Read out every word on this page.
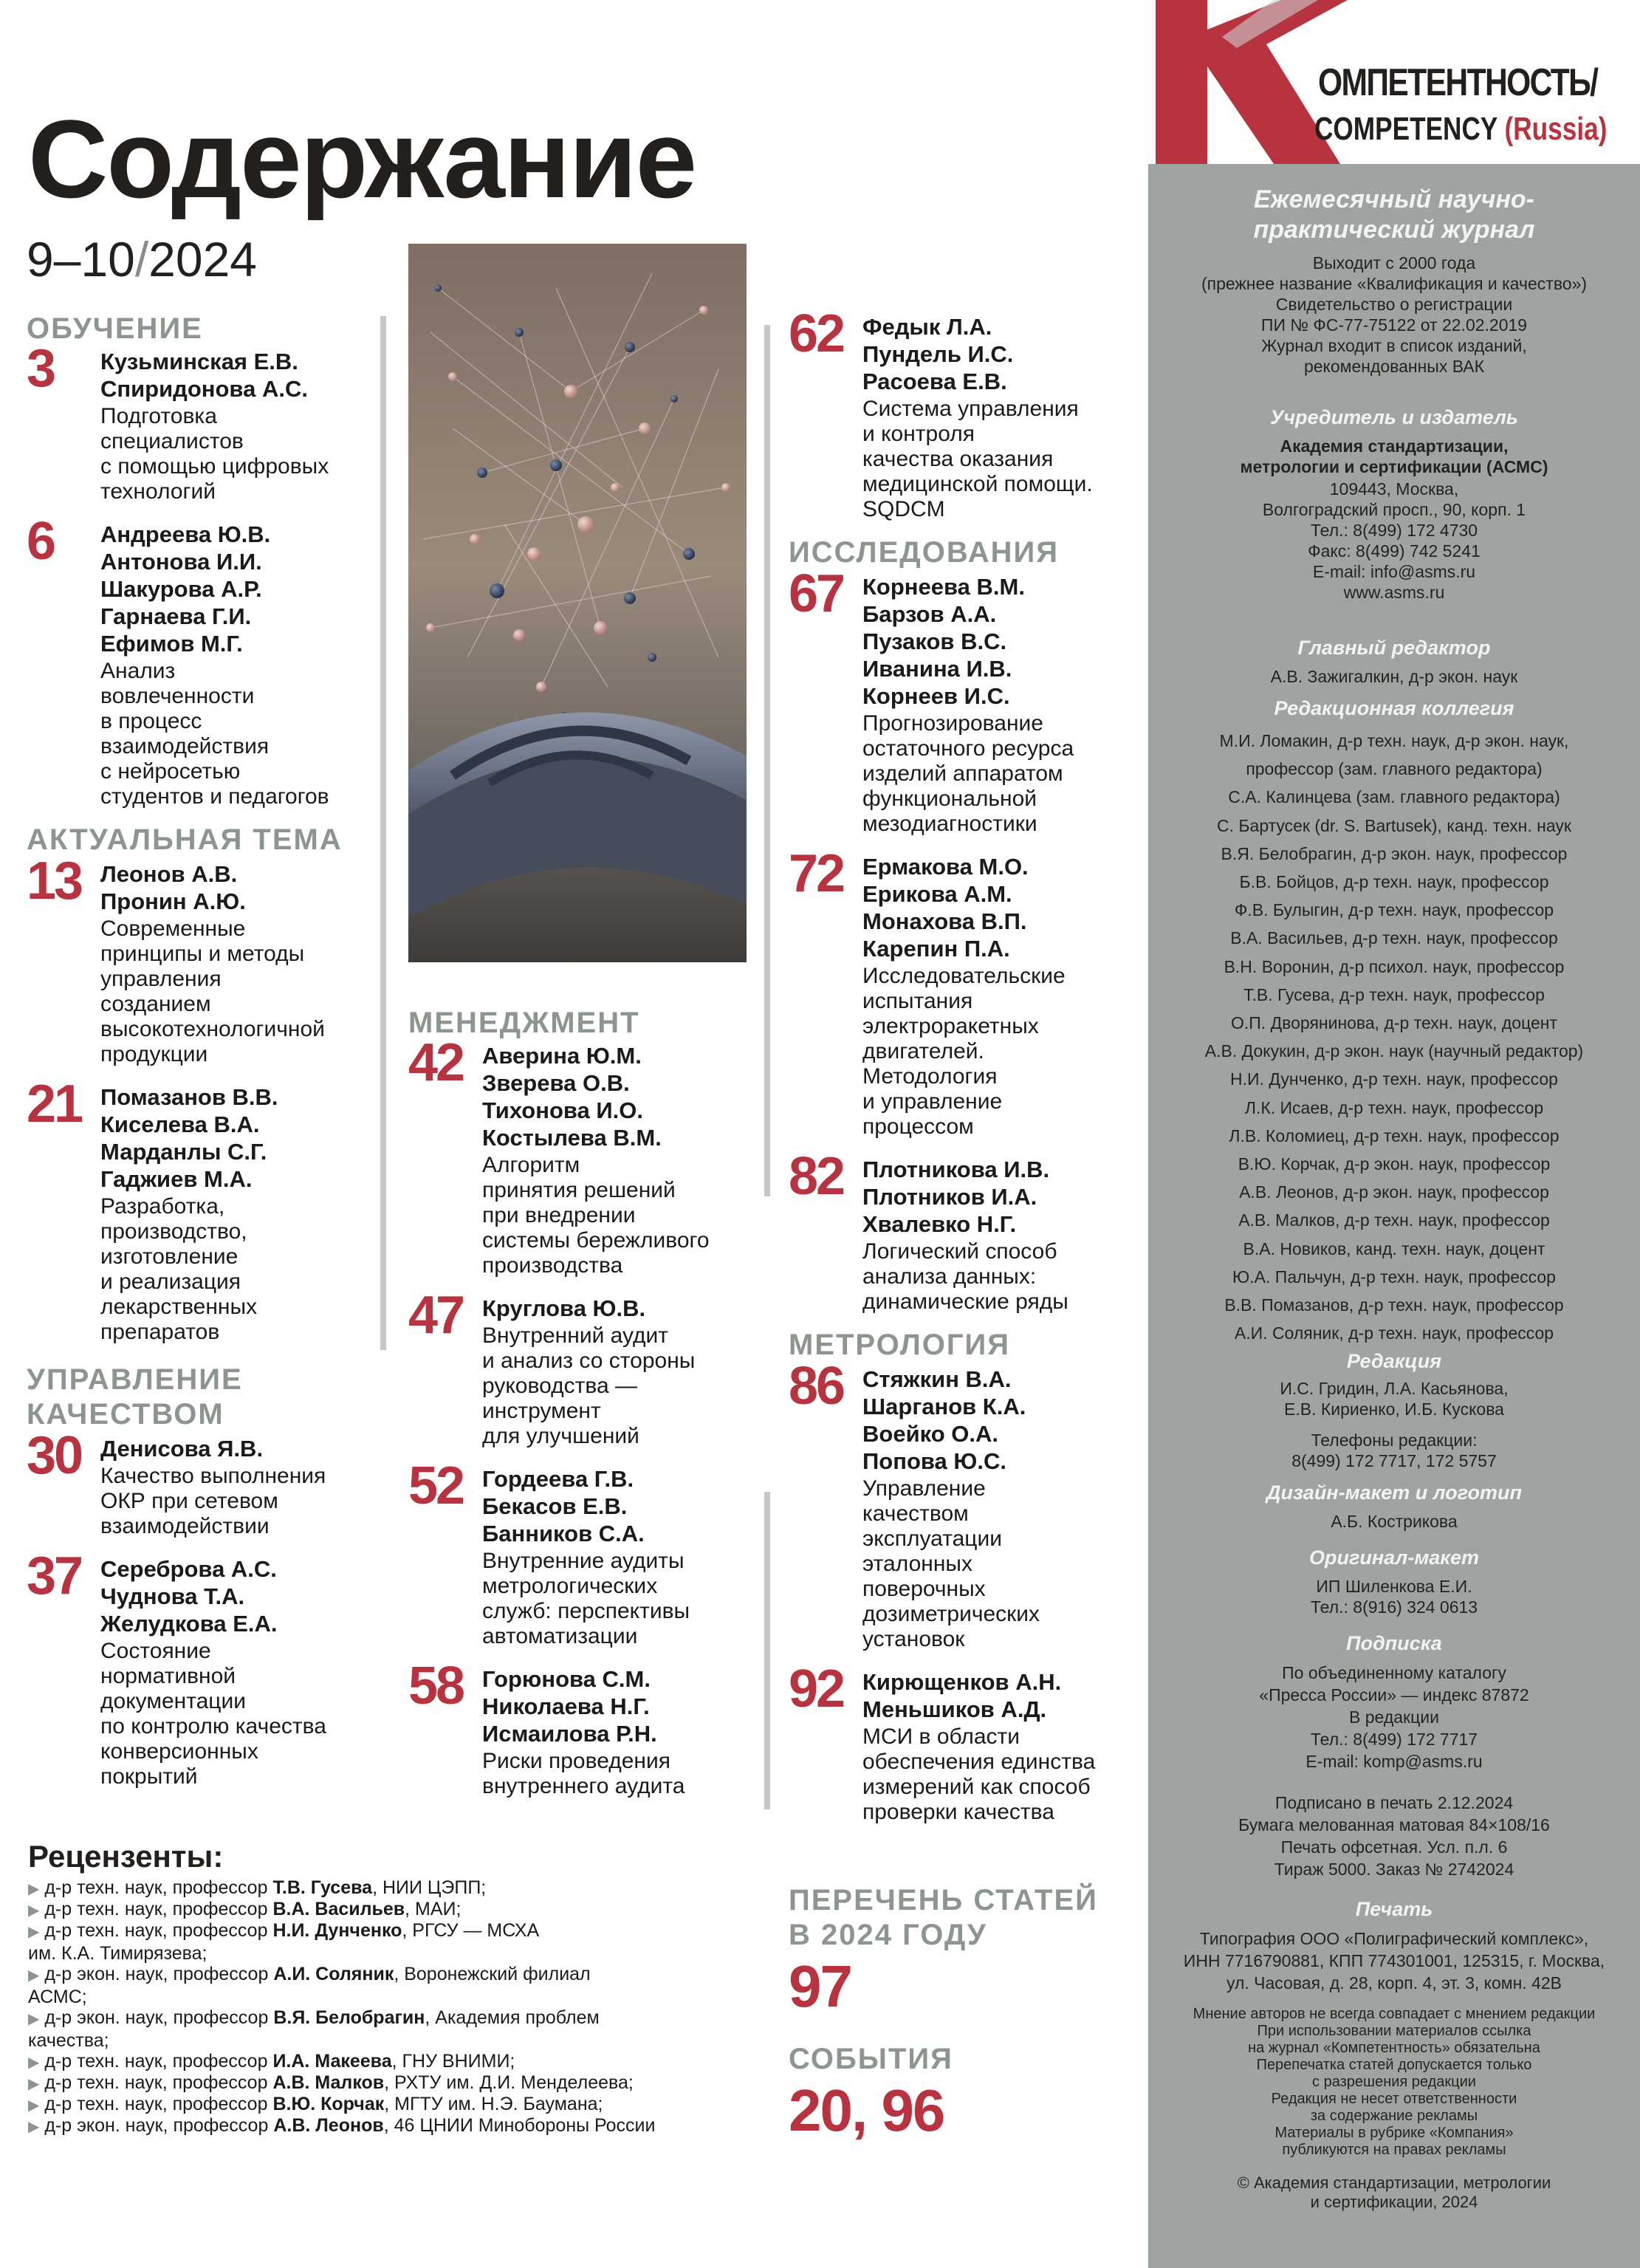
Содержание
9–10/2024
ОБУЧЕНИЕ
3 Кузьминская Е.В.
Спиридонова А.С.
Подготовка
специалистов
с помощью цифровых
технологий
6 Андреева Ю.В.
Антонова И.И.
Шакурова А.Р.
Гарнаева Г.И.
Ефимов М.Г.
Анализ
вовлеченности
в процесс
взаимодействия
с нейросетью
студентов и педагогов
АКТУАЛЬНАЯ ТЕМА
13 Леонов А.В.
Пронин А.Ю.
Современные
принципы и методы
управления
созданием
высокотехнологичной
продукции
21 Помазанов В.В.
Киселева В.А.
Марданлы С.Г.
Гаджиев М.А.
Разработка,
производство,
изготовление
и реализация
лекарственных
препаратов
УПРАВЛЕНИЕ
КАЧЕСТВОМ
30 Денисова Я.В.
Качество выполнения
ОКР при сетевом
взаимодействии
37 Сереброва А.С.
Чуднова Т.А.
Желудкова Е.А.
Состояние
нормативной
документации
по контролю качества
конверсионных
покрытий
МЕНЕДЖМЕНТ
42 Аверина Ю.М.
Зверева О.В.
Тихонова И.О.
Костылева В.М.
Алгоритм
принятия решений
при внедрении
системы бережливого
производства
47 Круглова Ю.В.
Внутренний аудит
и анализ со стороны
руководства —
инструмент
для улучшений
52 Гордеева Г.В.
Бекасов Е.В.
Банников С.А.
Внутренние аудиты
метрологических
служб: перспективы
автоматизации
58 Горюнова С.М.
Николаева Н.Г.
Исмаилова Р.Н.
Риски проведения
внутреннего аудита
62 Федык Л.А.
Пундель И.С.
Расоева Е.В.
Система управления
и контроля
качества оказания
медицинской помощи.
SQDCM
ИССЛЕДОВАНИЯ
67 Корнеева В.М.
Барзов А.А.
Пузаков В.С.
Иванина И.В.
Корнеев И.С.
Прогнозирование
остаточного ресурса
изделий аппаратом
функциональной
мезодиагностики
72 Ермакова М.О.
Ерикова А.М.
Монахова В.П.
Карепин П.А.
Исследовательские
испытания
электроракетных
двигателей.
Методология
и управление
процессом
82 Плотникова И.В.
Плотников И.А.
Хвалевко Н.Г.
Логический способ
анализа данных:
динамические ряды
МЕТРОЛОГИЯ
86 Стяжкин В.А.
Шарганов К.А.
Воейко О.А.
Попова Ю.С.
Управление
качеством
эксплуатации
эталонных
поверочных
дозиметрических
установок
92 Кирющенков А.Н.
Меньшиков А.Д.
МСИ в области
обеспечения единства
измерений как способ
проверки качества
ПЕРЕЧЕНЬ СТАТЕЙ
В 2024 ГОДУ
97
СОБЫТИЯ
20, 96
Рецензенты:
▶ д-р техн. наук, профессор Т.В. Гусева, НИИ ЦЭПП;
▶ д-р техн. наук, профессор В.А. Васильев, МАИ;
▶ д-р техн. наук, профессор Н.И. Дунченко, РГСУ — МСХА
им. К.А. Тимирязева;
▶ д-р экон. наук, профессор А.И. Соляник, Воронежский филиал
АСМС;
▶ д-р экон. наук, профессор В.Я. Белобрагин, Академия проблем
качества;
▶ д-р техн. наук, профессор И.А. Макеева, ГНУ ВНИМИ;
▶ д-р техн. наук, профессор А.В. Малков, РХТУ им. Д.И. Менделеева;
▶ д-р техн. наук, профессор В.Ю. Корчак, МГТУ им. Н.Э. Баумана;
▶ д-р экон. наук, профессор А.В. Леонов, 46 ЦНИИ Минобороны России
ОМПЕТЕНТНОСТЬ/
COMPETENCY (Russia)
Ежемесячный научно-
практический журнал
Выходит с 2000 года
(прежнее название «Квалификация и качество»)
Свидетельство о регистрации
ПИ № ФС-77-75122 от 22.02.2019
Журнал входит в список изданий,
рекомендованных ВАК
Учредитель и издатель
Академия стандартизации,
метрологии и сертификации (АСМС)
109443, Москва,
Волгоградский просп., 90, корп. 1
Тел.: 8(499) 172 4730
Факс: 8(499) 742 5241
E-mail: info@asms.ru
www.asms.ru
Главный редактор
А.В. Зажигалкин, д-р экон. наук
Редакционная коллегия
М.И. Ломакин, д-р техн. наук, д-р экон. наук,
профессор (зам. главного редактора)
С.А. Калинцева (зам. главного редактора)
С. Бартусек (dr. S. Bartusek), канд. техн. наук
В.Я. Белобрагин, д-р экон. наук, профессор
Б.В. Бойцов, д-р техн. наук, профессор
Ф.В. Булыгин, д-р техн. наук, профессор
В.А. Васильев, д-р техн. наук, профессор
В.Н. Воронин, д-р психол. наук, профессор
Т.В. Гусева, д-р техн. наук, профессор
О.П. Дворянинова, д-р техн. наук, доцент
А.В. Докукин, д-р экон. наук (научный редактор)
Н.И. Дунченко, д-р техн. наук, профессор
Л.К. Исаев, д-р техн. наук, профессор
Л.В. Коломиец, д-р техн. наук, профессор
В.Ю. Корчак, д-р экон. наук, профессор
А.В. Леонов, д-р экон. наук, профессор
А.В. Малков, д-р техн. наук, профессор
В.А. Новиков, канд. техн. наук, доцент
Ю.А. Пальчун, д-р техн. наук, профессор
В.В. Помазанов, д-р техн. наук, профессор
А.И. Соляник, д-р техн. наук, профессор
Редакция
И.С. Гридин, Л.А. Касьянова,
Е.В. Кириенко, И.Б. Кускова
Телефоны редакции:
8(499) 172 7717, 172 5757
Дизайн-макет и логотип
А.Б. Кострикова
Оригинал-макет
ИП Шиленкова Е.И.
Тел.: 8(916) 324 0613
Подписка
По объединенному каталогу
«Пресса России» — индекс 87872
В редакции
Тел.: 8(499) 172 7717
E-mail: komp@asms.ru
Подписано в печать 2.12.2024
Бумага мелованная матовая 84×108/16
Печать офсетная. Усл. п.л. 6
Тираж 5000. Заказ № 2742024
Печать
Типография ООО «Полиграфический комплекс»,
ИНН 7716790881, КПП 774301001, 125315, г. Москва,
ул. Часовая, д. 28, корп. 4, эт. 3, комн. 42В
Мнение авторов не всегда совпадает с мнением редакции
При использовании материалов ссылка
на журнал «Компетентность» обязательна
Перепечатка статей допускается только
с разрешения редакции
Редакция не несет ответственности
за содержание рекламы
Материалы в рубрике «Компания»
публикуются на правах рекламы
© Академия стандартизации, метрологии
и сертификации, 2024
